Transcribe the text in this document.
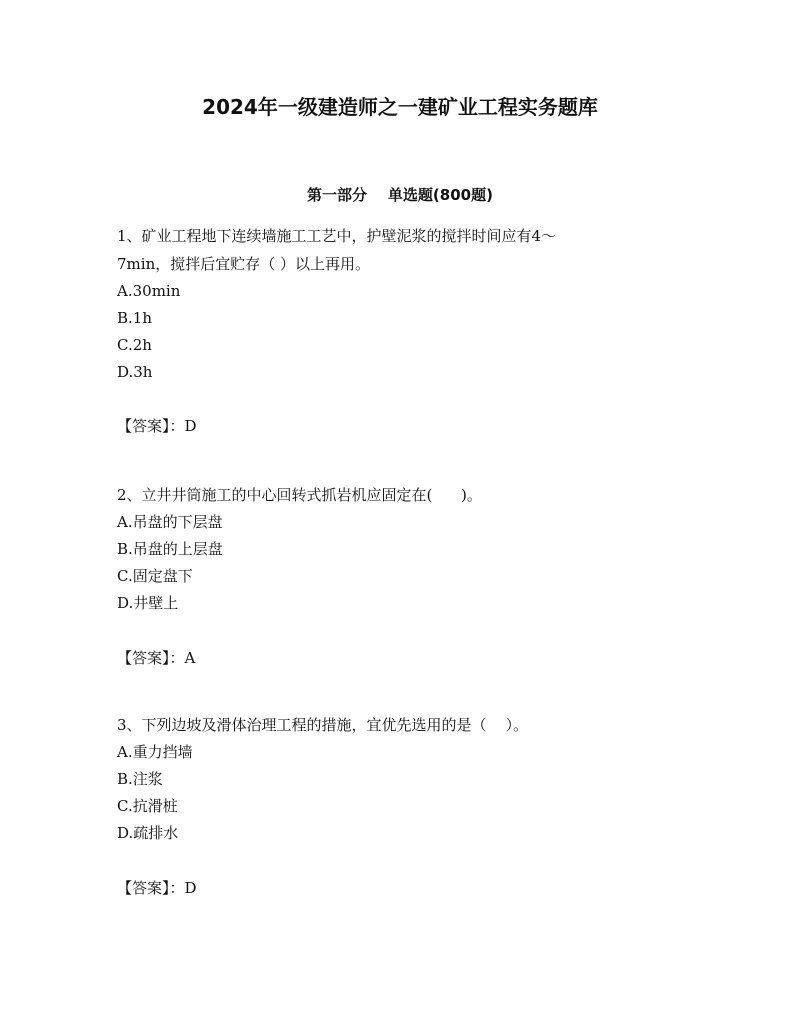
2024年一级建造师之一建矿业工程实务题库
第一部分    单选题(800题)
1、矿业工程地下连续墙施工工艺中，护壁泥浆的搅拌时间应有4～
7min，搅拌后宜贮存（ ）以上再用。
A.30min
B.1h
C.2h
D.3h
【答案】：D
2、立井井筒施工的中心回转式抓岩机应固定在(      )。
A.吊盘的下层盘
B.吊盘的上层盘
C.固定盘下
D.井壁上
【答案】：A
3、下列边坡及滑体治理工程的措施，宜优先选用的是（    ）。
A.重力挡墙
B.注浆
C.抗滑桩
D.疏排水
【答案】：D
